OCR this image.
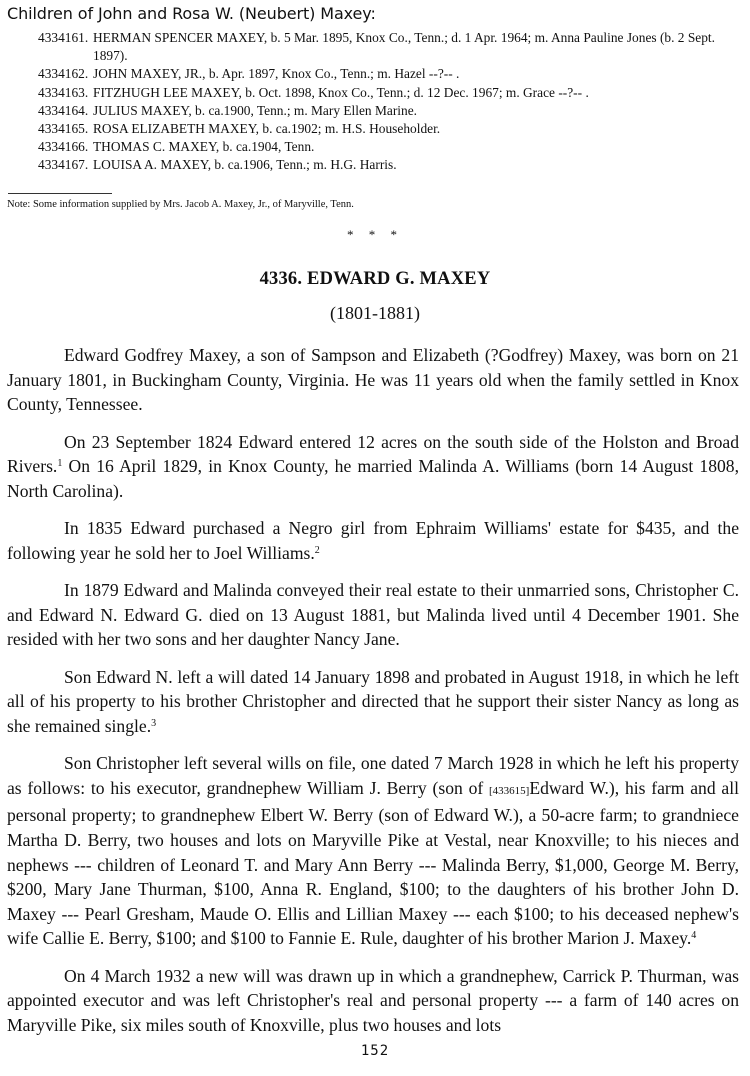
Children of John and Rosa W. (Neubert) Maxey:
4334161. HERMAN SPENCER MAXEY, b. 5 Mar. 1895, Knox Co., Tenn.; d. 1 Apr. 1964; m. Anna Pauline Jones (b. 2 Sept. 1897).
4334162. JOHN MAXEY, JR., b. Apr. 1897, Knox Co., Tenn.; m. Hazel --?-- .
4334163. FITZHUGH LEE MAXEY, b. Oct. 1898, Knox Co., Tenn.; d. 12 Dec. 1967; m. Grace --?-- .
4334164. JULIUS MAXEY, b. ca.1900, Tenn.; m. Mary Ellen Marine.
4334165. ROSA ELIZABETH MAXEY, b. ca.1902; m. H.S. Householder.
4334166. THOMAS C. MAXEY, b. ca.1904, Tenn.
4334167. LOUISA A. MAXEY, b. ca.1906, Tenn.; m. H.G. Harris.
Note: Some information supplied by Mrs. Jacob A. Maxey, Jr., of Maryville, Tenn.
* * *
4336. EDWARD G. MAXEY
(1801-1881)

Edward Godfrey Maxey, a son of Sampson and Elizabeth (?Godfrey) Maxey, was born on 21 January 1801, in Buckingham County, Virginia. He was 11 years old when the family settled in Knox County, Tennessee.

On 23 September 1824 Edward entered 12 acres on the south side of the Holston and Broad Rivers.$^1$ On 16 April 1829, in Knox County, he married Malinda A. Williams (born 14 August 1808, North Carolina).

In 1835 Edward purchased a Negro girl from Ephraim Williams' estate for $435, and the following year he sold her to Joel Williams.$^2$

In 1879 Edward and Malinda conveyed their real estate to their unmarried sons, Christopher C. and Edward N. Edward G. died on 13 August 1881, but Malinda lived until 4 December 1901. She resided with her two sons and her daughter Nancy Jane.

Son Edward N. left a will dated 14 January 1898 and probated in August 1918, in which he left all of his property to his brother Christopher and directed that he support their sister Nancy as long as she remained single.$^3$

Son Christopher left several wills on file, one dated 7 March 1928 in which he left his property as follows: to his executor, grandnephew William J. Berry (son of [433615]Edward W.), his farm and all personal property; to grandnephew Elbert W. Berry (son of Edward W.), a 50-acre farm; to grandniece Martha D. Berry, two houses and lots on Maryville Pike at Vestal, near Knoxville; to his nieces and nephews --- children of Leonard T. and Mary Ann Berry --- Malinda Berry, $1,000, George M. Berry, $200, Mary Jane Thurman, $100, Anna R. England, $100; to the daughters of his brother John D. Maxey --- Pearl Gresham, Maude O. Ellis and Lillian Maxey --- each $100; to his deceased nephew's wife Callie E. Berry, $100; and $100 to Fannie E. Rule, daughter of his brother Marion J. Maxey.$^4$

On 4 March 1932 a new will was drawn up in which a grandnephew, Carrick P. Thurman, was appointed executor and was left Christopher's real and personal property --- a farm of 140 acres on Maryville Pike, six miles south of Knoxville, plus two houses and lots

152
